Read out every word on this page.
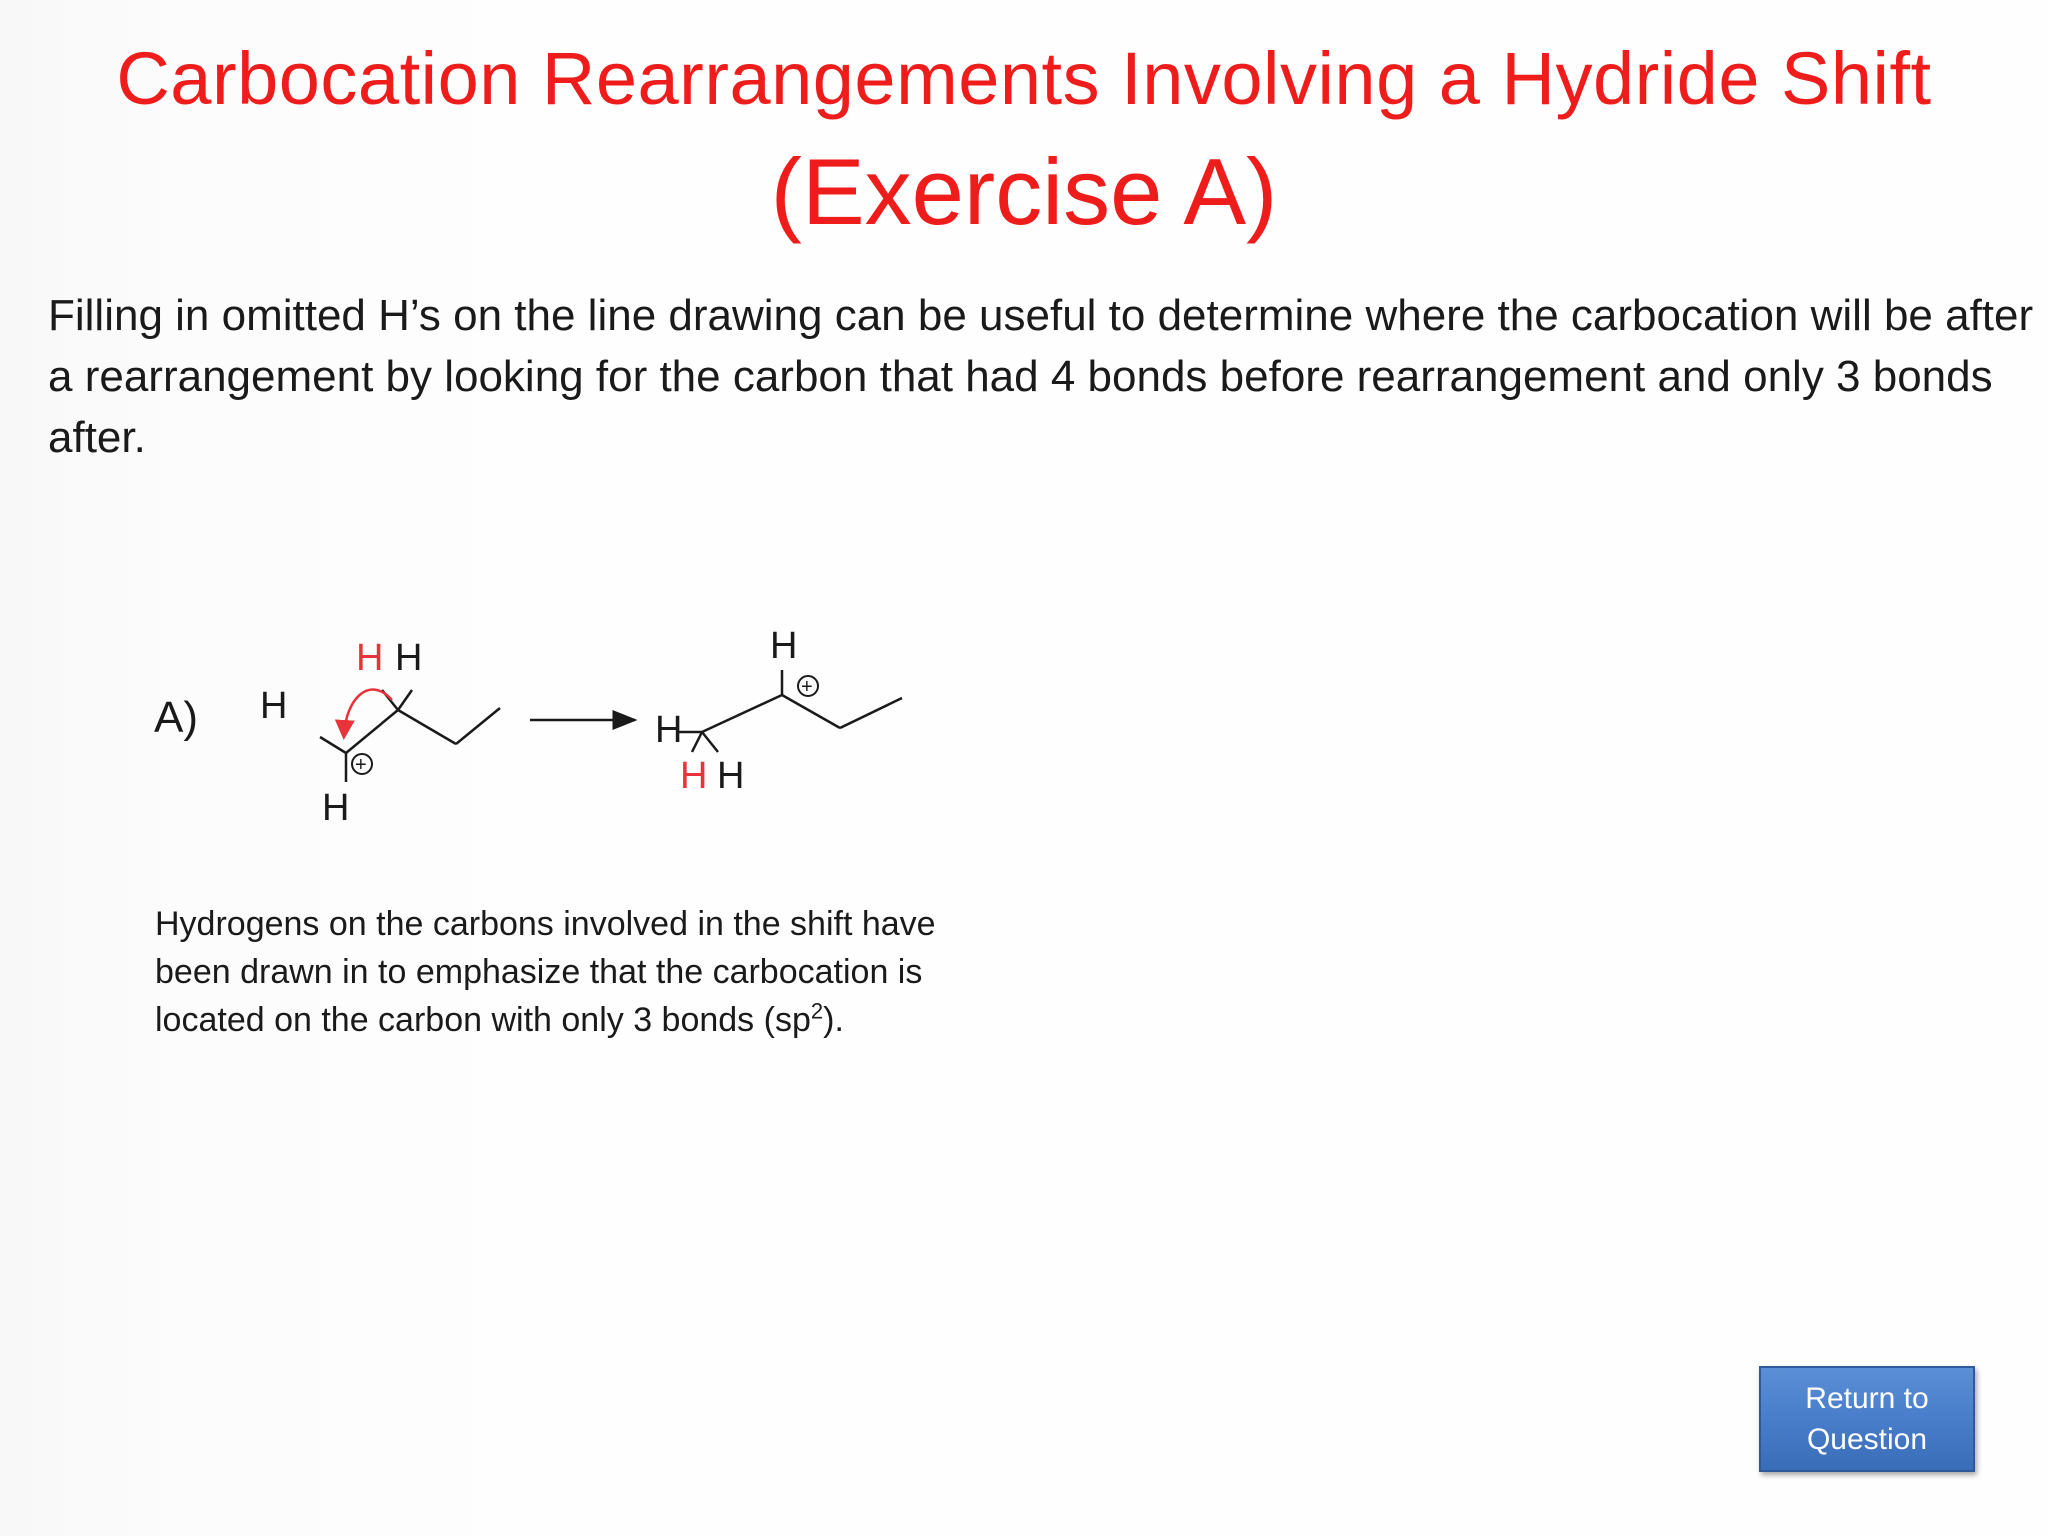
Carbocation Rearrangements Involving a Hydride Shift
(Exercise A)
Filling in omitted H’s on the line drawing can be useful to determine where the carbocation will be after a rearrangement by looking for the carbon that had 4 bonds before rearrangement and only 3 bonds after.
A) H
H H
H
+
H
H H
H
+
Hydrogens on the carbons involved in the shift have been drawn in to emphasize that the carbocation is located on the carbon with only 3 bonds $(sp^2)$.
Return to
Question
